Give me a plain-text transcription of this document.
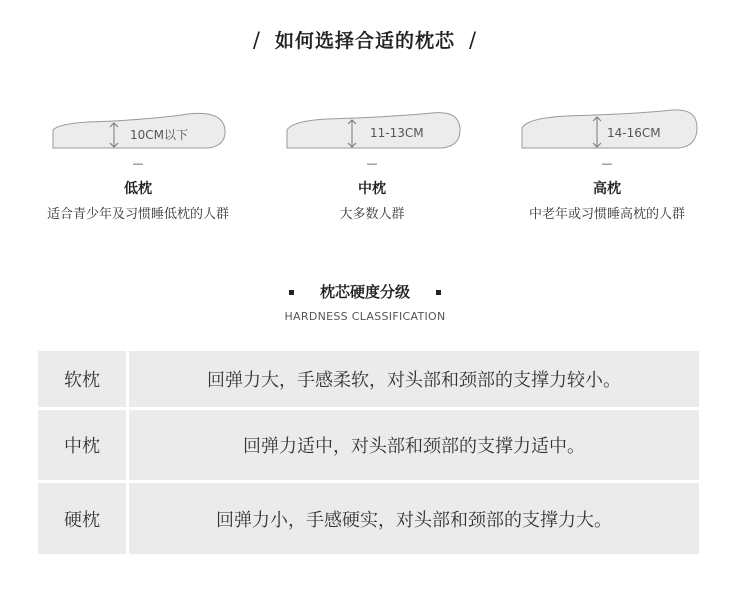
/ 如何选择合适的枕芯 /
10CM以下
—
低枕
适合青少年及习惯睡低枕的人群
11-13CM
—
中枕
大多数人群
14-16CM
—
高枕
中老年或习惯睡高枕的人群
枕芯硬度分级
HARDNESS CLASSIFICATION
软枕	回弹力大，手感柔软，对头部和颈部的支撑力较小。
中枕	回弹力适中，对头部和颈部的支撑力适中。
硬枕	回弹力小，手感硬实，对头部和颈部的支撑力大。
